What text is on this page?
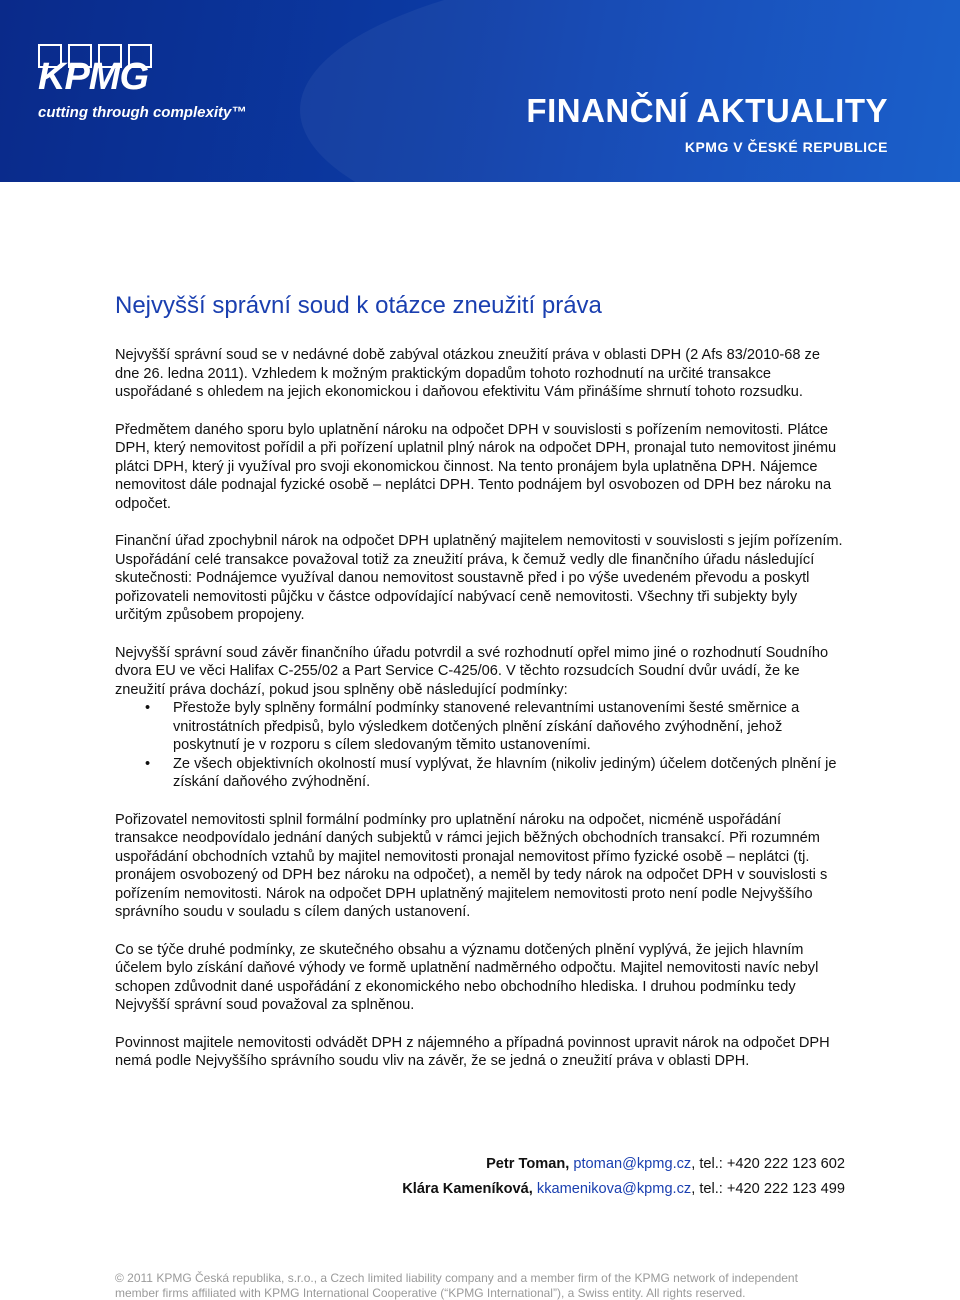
KPMG
cutting through complexity™	FINANČNÍ AKTUALITY
KPMG V ČESKÉ REPUBLICE
Nejvyšší správní soud k otázce zneužití práva

Nejvyšší správní soud se v nedávné době zabýval otázkou zneužití práva v oblasti DPH (2 Afs 83/2010-68 ze dne 26. ledna 2011). Vzhledem k možným praktickým dopadům tohoto rozhodnutí na určité transakce uspořádané s ohledem na jejich ekonomickou i daňovou efektivitu Vám přinášíme shrnutí tohoto rozsudku.

Předmětem daného sporu bylo uplatnění nároku na odpočet DPH v souvislosti s pořízením nemovitosti. Plátce DPH, který nemovitost pořídil a při pořízení uplatnil plný nárok na odpočet DPH, pronajal tuto nemovitost jinému plátci DPH, který ji využíval pro svoji ekonomickou činnost. Na tento pronájem byla uplatněna DPH. Nájemce nemovitost dále podnajal fyzické osobě – neplátci DPH. Tento podnájem byl osvobozen od DPH bez nároku na odpočet.

Finanční úřad zpochybnil nárok na odpočet DPH uplatněný majitelem nemovitosti v souvislosti s jejím pořízením. Uspořádání celé transakce považoval totiž za zneužití práva, k čemuž vedly dle finančního úřadu následující skutečnosti: Podnájemce využíval danou nemovitost soustavně před i po výše uvedeném převodu a poskytl pořizovateli nemovitosti půjčku v částce odpovídající nabývací ceně nemovitosti. Všechny tři subjekty byly určitým způsobem propojeny.

Nejvyšší správní soud závěr finančního úřadu potvrdil a své rozhodnutí opřel mimo jiné o rozhodnutí Soudního dvora EU ve věci Halifax C-255/02 a Part Service C-425/06. V těchto rozsudcích Soudní dvůr uvádí, že ke zneužití práva dochází, pokud jsou splněny obě následující podmínky:

• Přestože byly splněny formální podmínky stanovené relevantními ustanoveními šesté směrnice a vnitrostátních předpisů, bylo výsledkem dotčených plnění získání daňového zvýhodnění, jehož poskytnutí je v rozporu s cílem sledovaným těmito ustanoveními.
• Ze všech objektivních okolností musí vyplývat, že hlavním (nikoliv jediným) účelem dotčených plnění je získání daňového zvýhodnění.

Pořizovatel nemovitosti splnil formální podmínky pro uplatnění nároku na odpočet, nicméně uspořádání transakce neodpovídalo jednání daných subjektů v rámci jejich běžných obchodních transakcí. Při rozumném uspořádání obchodních vztahů by majitel nemovitosti pronajal nemovitost přímo fyzické osobě – neplátci (tj. pronájem osvobozený od DPH bez nároku na odpočet), a neměl by tedy nárok na odpočet DPH v souvislosti s pořízením nemovitosti. Nárok na odpočet DPH uplatněný majitelem nemovitosti proto není podle Nejvyššího správního soudu v souladu s cílem daných ustanovení.

Co se týče druhé podmínky, ze skutečného obsahu a významu dotčených plnění vyplývá, že jejich hlavním účelem bylo získání daňové výhody ve formě uplatnění nadměrného odpočtu. Majitel nemovitosti navíc nebyl schopen zdůvodnit dané uspořádání z ekonomického nebo obchodního hlediska. I druhou podmínku tedy Nejvyšší správní soud považoval za splněnou.

Povinnost majitele nemovitosti odvádět DPH z nájemného a případná povinnost upravit nárok na odpočet DPH nemá podle Nejvyššího správního soudu vliv na závěr, že se jedná o zneužití práva v oblasti DPH.

Petr Toman, ptoman@kpmg.cz, tel.: +420 222 123 602
Klára Kameníková, kkamenikova@kpmg.cz, tel.: +420 222 123 499
© 2011 KPMG Česká republika, s.r.o., a Czech limited liability company and a member firm of the KPMG network of independent member firms affiliated with KPMG International Cooperative (“KPMG International”), a Swiss entity. All rights reserved.
